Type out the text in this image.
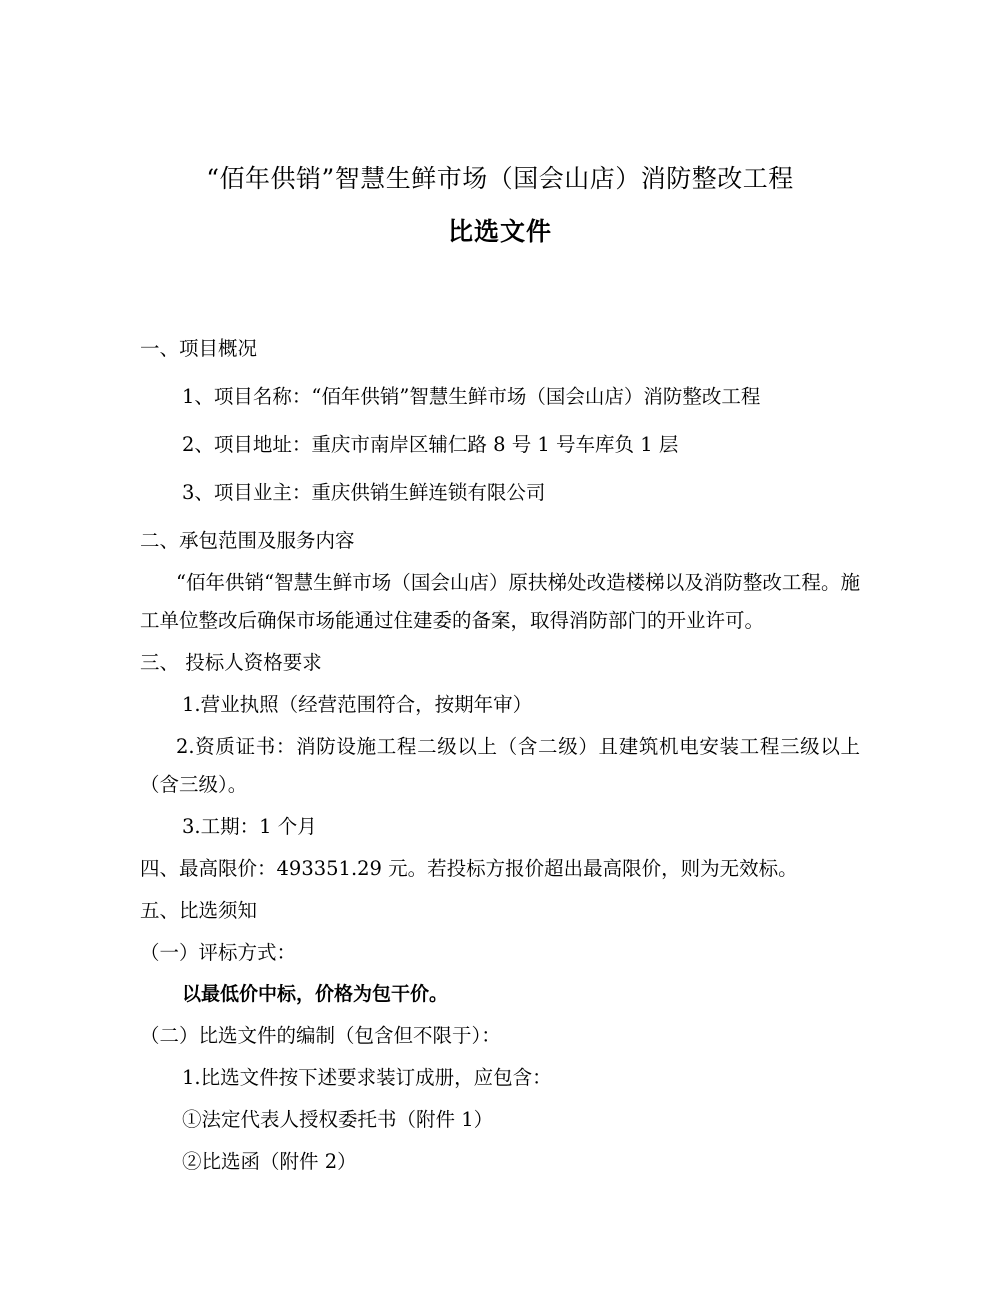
“佰年供销”智慧生鲜市场（国会山店）消防整改工程
比选文件

一、项目概况

1、项目名称：“佰年供销”智慧生鲜市场（国会山店）消防整改工程

2、项目地址：重庆市南岸区辅仁路 8 号 1 号车库负 1 层

3、项目业主：重庆供销生鲜连锁有限公司

二、承包范围及服务内容

“佰年供销“智慧生鲜市场（国会山店）原扶梯处改造楼梯以及消防整改工程。施工单位整改后确保市场能通过住建委的备案，取得消防部门的开业许可。

三、 投标人资格要求

1.营业执照（经营范围符合，按期年审）

2.资质证书：消防设施工程二级以上（含二级）且建筑机电安装工程三级以上（含三级）。

3.工期：1 个月

四、最高限价：493351.29 元。若投标方报价超出最高限价，则为无效标。

五、比选须知

（一）评标方式：

以最低价中标，价格为包干价。

（二）比选文件的编制（包含但不限于）：

1.比选文件按下述要求装订成册，应包含：

①法定代表人授权委托书（附件 1）

②比选函（附件 2）
